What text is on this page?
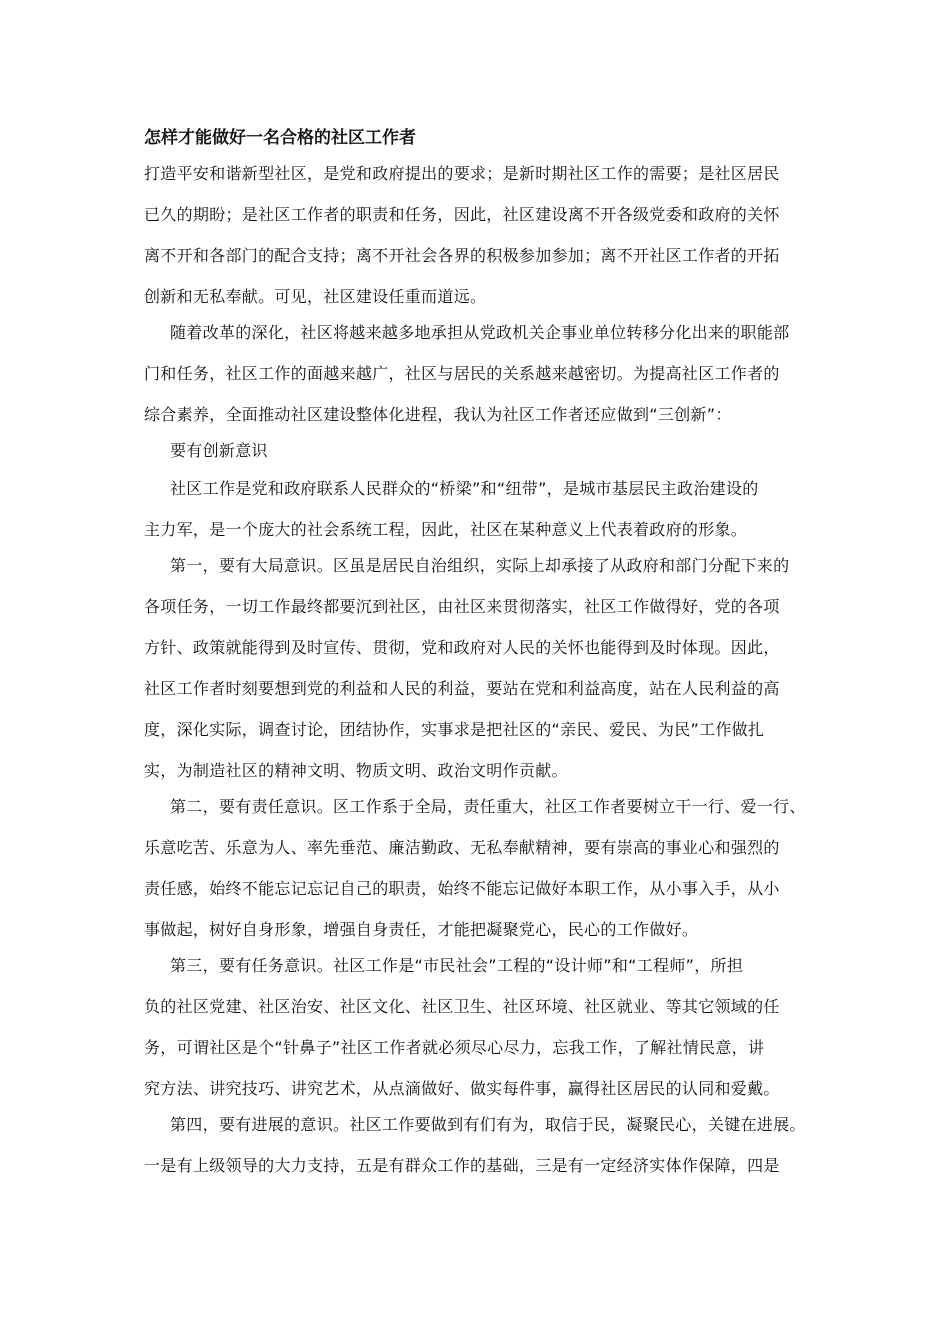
怎样才能做好一名合格的社区工作者
打造平安和谐新型社区，是党和政府提出的要求；是新时期社区工作的需要；是社区居民
已久的期盼；是社区工作者的职责和任务，因此，社区建设离不开各级党委和政府的关怀
离不开和各部门的配合支持；离不开社会各界的积极参加参加；离不开社区工作者的开拓
创新和无私奉献。可见，社区建设任重而道远。
随着改革的深化，社区将越来越多地承担从党政机关企事业单位转移分化出来的职能部
门和任务，社区工作的面越来越广，社区与居民的关系越来越密切。为提高社区工作者的
综合素养，全面推动社区建设整体化进程，我认为社区工作者还应做到“三创新”：
要有创新意识
社区工作是党和政府联系人民群众的“桥梁”和“纽带”，是城市基层民主政治建设的
主力军，是一个庞大的社会系统工程，因此，社区在某种意义上代表着政府的形象。
第一，要有大局意识。区虽是居民自治组织，实际上却承接了从政府和部门分配下来的
各项任务，一切工作最终都要沉到社区，由社区来贯彻落实，社区工作做得好，党的各项
方针、政策就能得到及时宣传、贯彻，党和政府对人民的关怀也能得到及时体现。因此，
社区工作者时刻要想到党的利益和人民的利益，要站在党和利益高度，站在人民利益的高
度，深化实际，调查讨论，团结协作，实事求是把社区的“亲民、爱民、为民”工作做扎
实，为制造社区的精神文明、物质文明、政治文明作贡献。
第二，要有责任意识。区工作系于全局，责任重大，社区工作者要树立干一行、爱一行、
乐意吃苦、乐意为人、率先垂范、廉洁勤政、无私奉献精神，要有崇高的事业心和强烈的
责任感，始终不能忘记忘记自己的职责，始终不能忘记做好本职工作，从小事入手，从小
事做起，树好自身形象，增强自身责任，才能把凝聚党心，民心的工作做好。
第三，要有任务意识。社区工作是“市民社会”工程的“设计师”和“工程师”，所担
负的社区党建、社区治安、社区文化、社区卫生、社区环境、社区就业、等其它领域的任
务，可谓社区是个“针鼻子”社区工作者就必须尽心尽力，忘我工作，了解社情民意，讲
究方法、讲究技巧、讲究艺术，从点滴做好、做实每件事，赢得社区居民的认同和爱戴。
第四，要有进展的意识。社区工作要做到有们有为，取信于民，凝聚民心，关键在进展。
一是有上级领导的大力支持，五是有群众工作的基础，三是有一定经济实体作保障，四是
